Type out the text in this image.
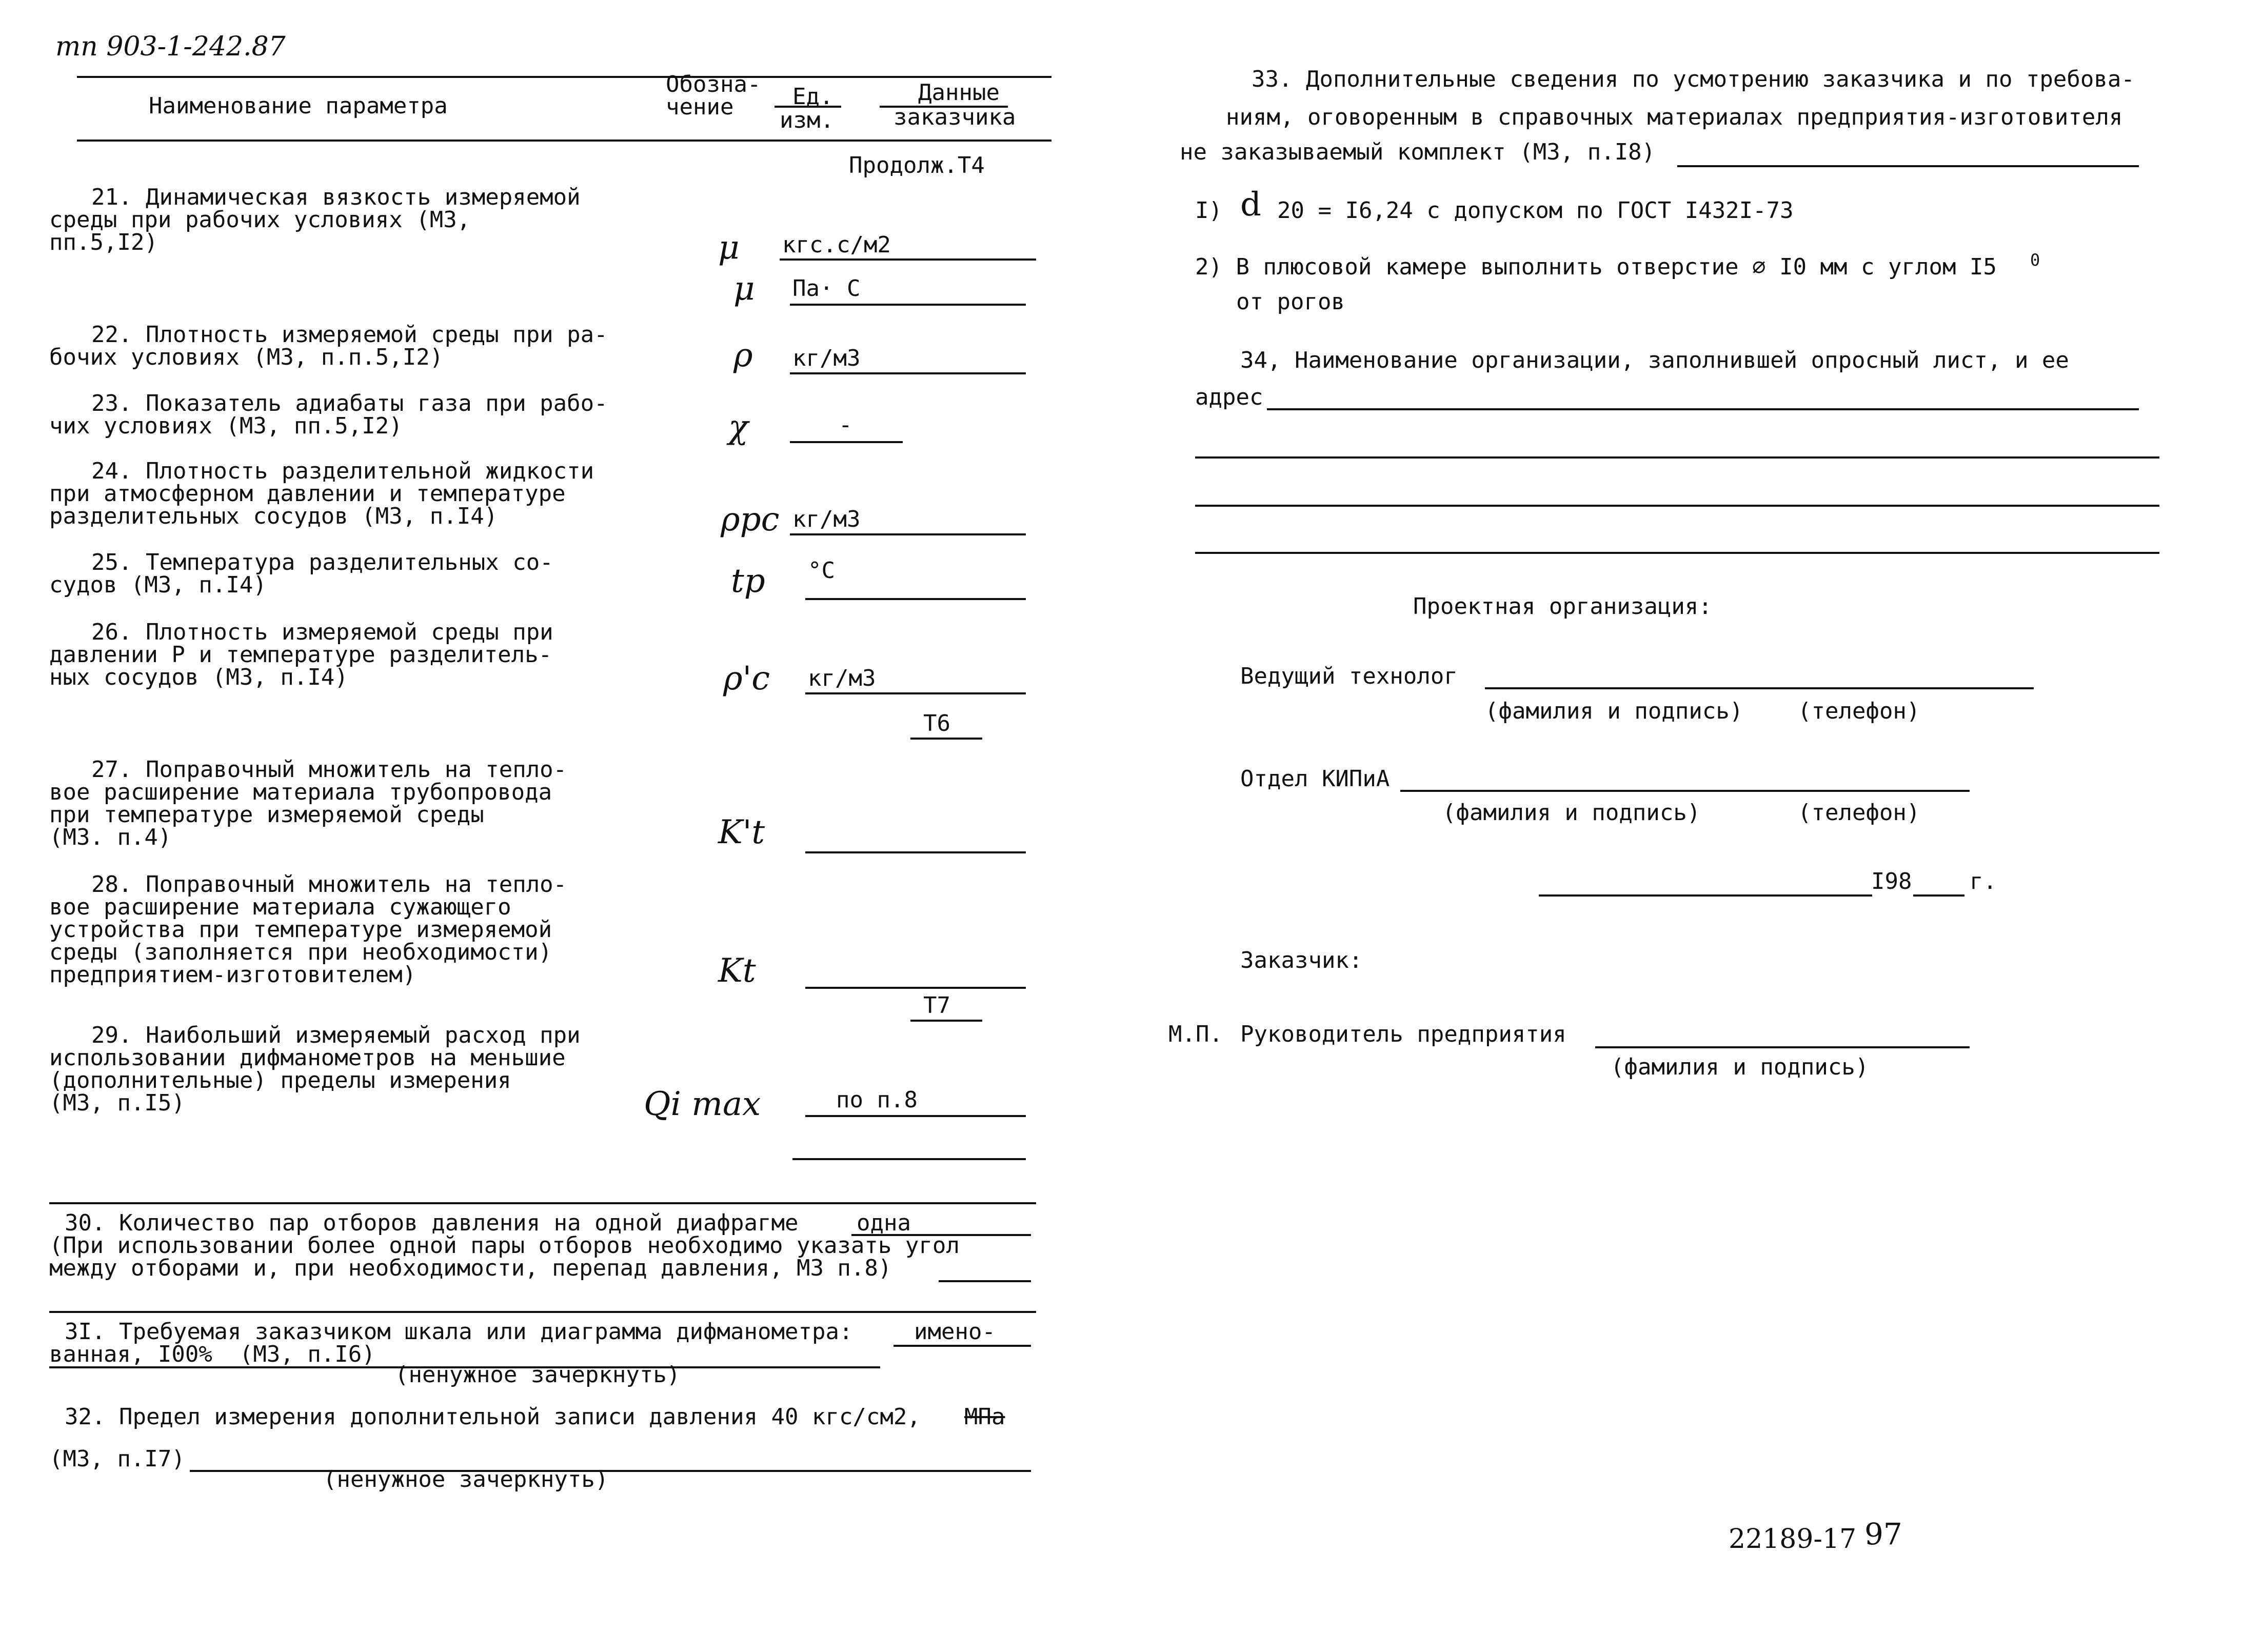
тп 903-1-242.87
Наименование параметра
Обозна-
чение	Ед.
изм.
Данные
заказчика
Продолж.Т4
21. Динамическая вязкость измеряемой
среды при рабочих условиях (МЗ,
пп.5,I2)	μ кгс.с/м2
μ Па· С
22. Плотность измеряемой среды при ра-
бочих условиях (МЗ, п.п.5,I2)	ρ кг/м3
23. Показатель адиабаты газа при рабо-
чих условиях (МЗ, пп.5,I2)	χ	-
24. Плотность разделительной жидкости
при атмосферном давлении и температуре
разделительных сосудов (МЗ, п.I4)	ρpc кг/м3
25. Температура разделительных со-
судов (МЗ, п.I4)	tp °C
26. Плотность измеряемой среды при
давлении Р и температуре разделитель-
ных сосудов (МЗ, п.I4)	ρ'c кг/м3
Т6
27. Поправочный множитель на тепло-
вое расширение материала трубопровода
при температуре измеряемой среды
(МЗ. п.4)	K't
28. Поправочный множитель на тепло-
вое расширение материала сужающего
устройства при температуре измеряемой
среды (заполняется при необходимости)
предприятием-изготовителем)	Kt
Т7
29. Наибольший измеряемый расход при
использовании дифманометров на меньшие
(дополнительные) пределы измерения
(МЗ, п.I5)	Qi max	по п.8
30. Количество пар отборов давления на одной диафрагме	одна
(При использовании более одной пары отборов необходимо указать угол
между отборами и, при необходимости, перепад давления, МЗ п.8)
3I. Требуемая заказчиком шкала или диаграмма дифманометра:	именo-
ванная, I00%  (МЗ, п.I6)
(ненужное зачеркнуть)
32. Предел измерения дополнительной записи давления 40 кгс/см2, МПа
(МЗ, п.I7)
(ненужное зачеркнуть)
33. Дополнительные сведения по усмотрению заказчика и по требова-
ниям, оговоренным в справочных материалах предприятия-изготовителя
не заказываемый комплект (МЗ, п.I8)
I) d 20 = I6,24 с допуском по ГОСТ I432I-73
2) В плюсовой камере выполнить отверстие ∅ I0 мм с углом I5 0
от рогов
34, Наименование организации, заполнившей опросный лист, и ее
адрес
Проектная организация:
Ведущий технолог
(фамилия и подпись) (телефон)
Отдел КИПиА
(фамилия и подпись)	(телефон)
I98	г.
Заказчик:
М.П. Руководитель предприятия
(фамилия и подпись)
22189-17 97
